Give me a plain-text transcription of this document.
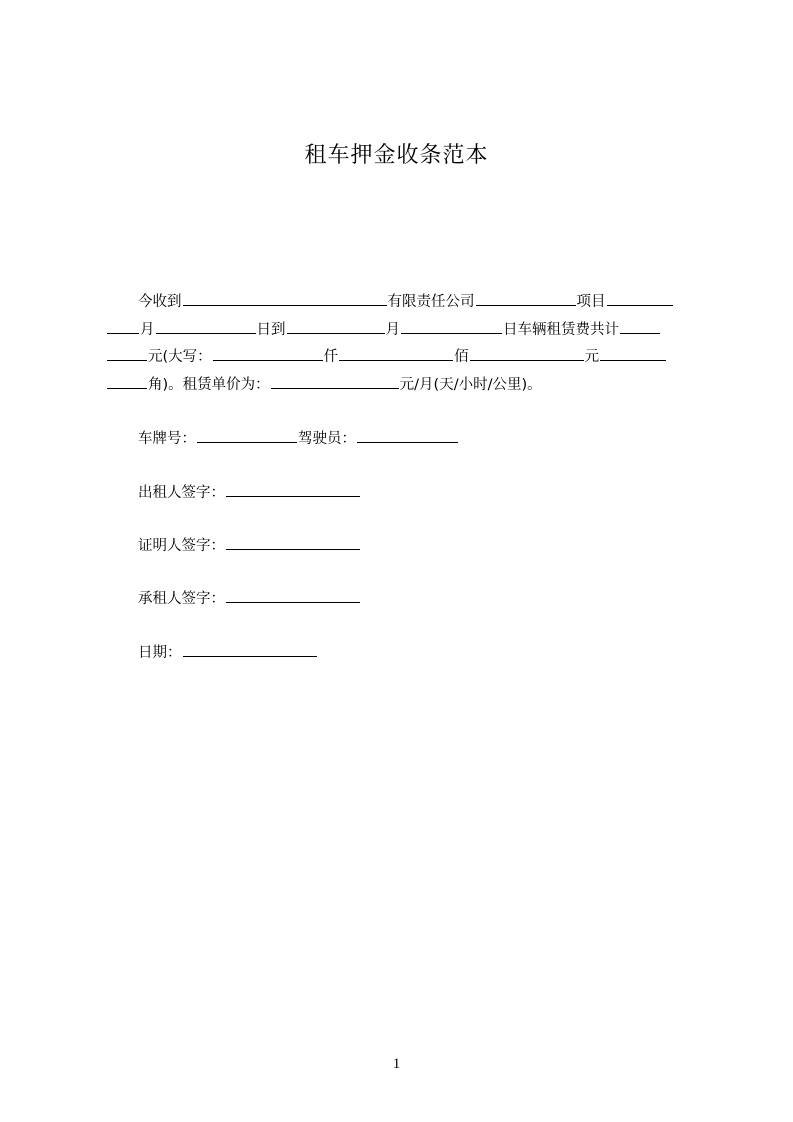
租车押金收条范本
今收到	有限责任公司	项目
月	日到	月	日车辆租赁费共计
元(大写：	仟	佰	元
角)。租赁单价为：	元/月(天/小时/公里)。
车牌号：	驾驶员：
出租人签字：
证明人签字：
承租人签字：
日期：
1
